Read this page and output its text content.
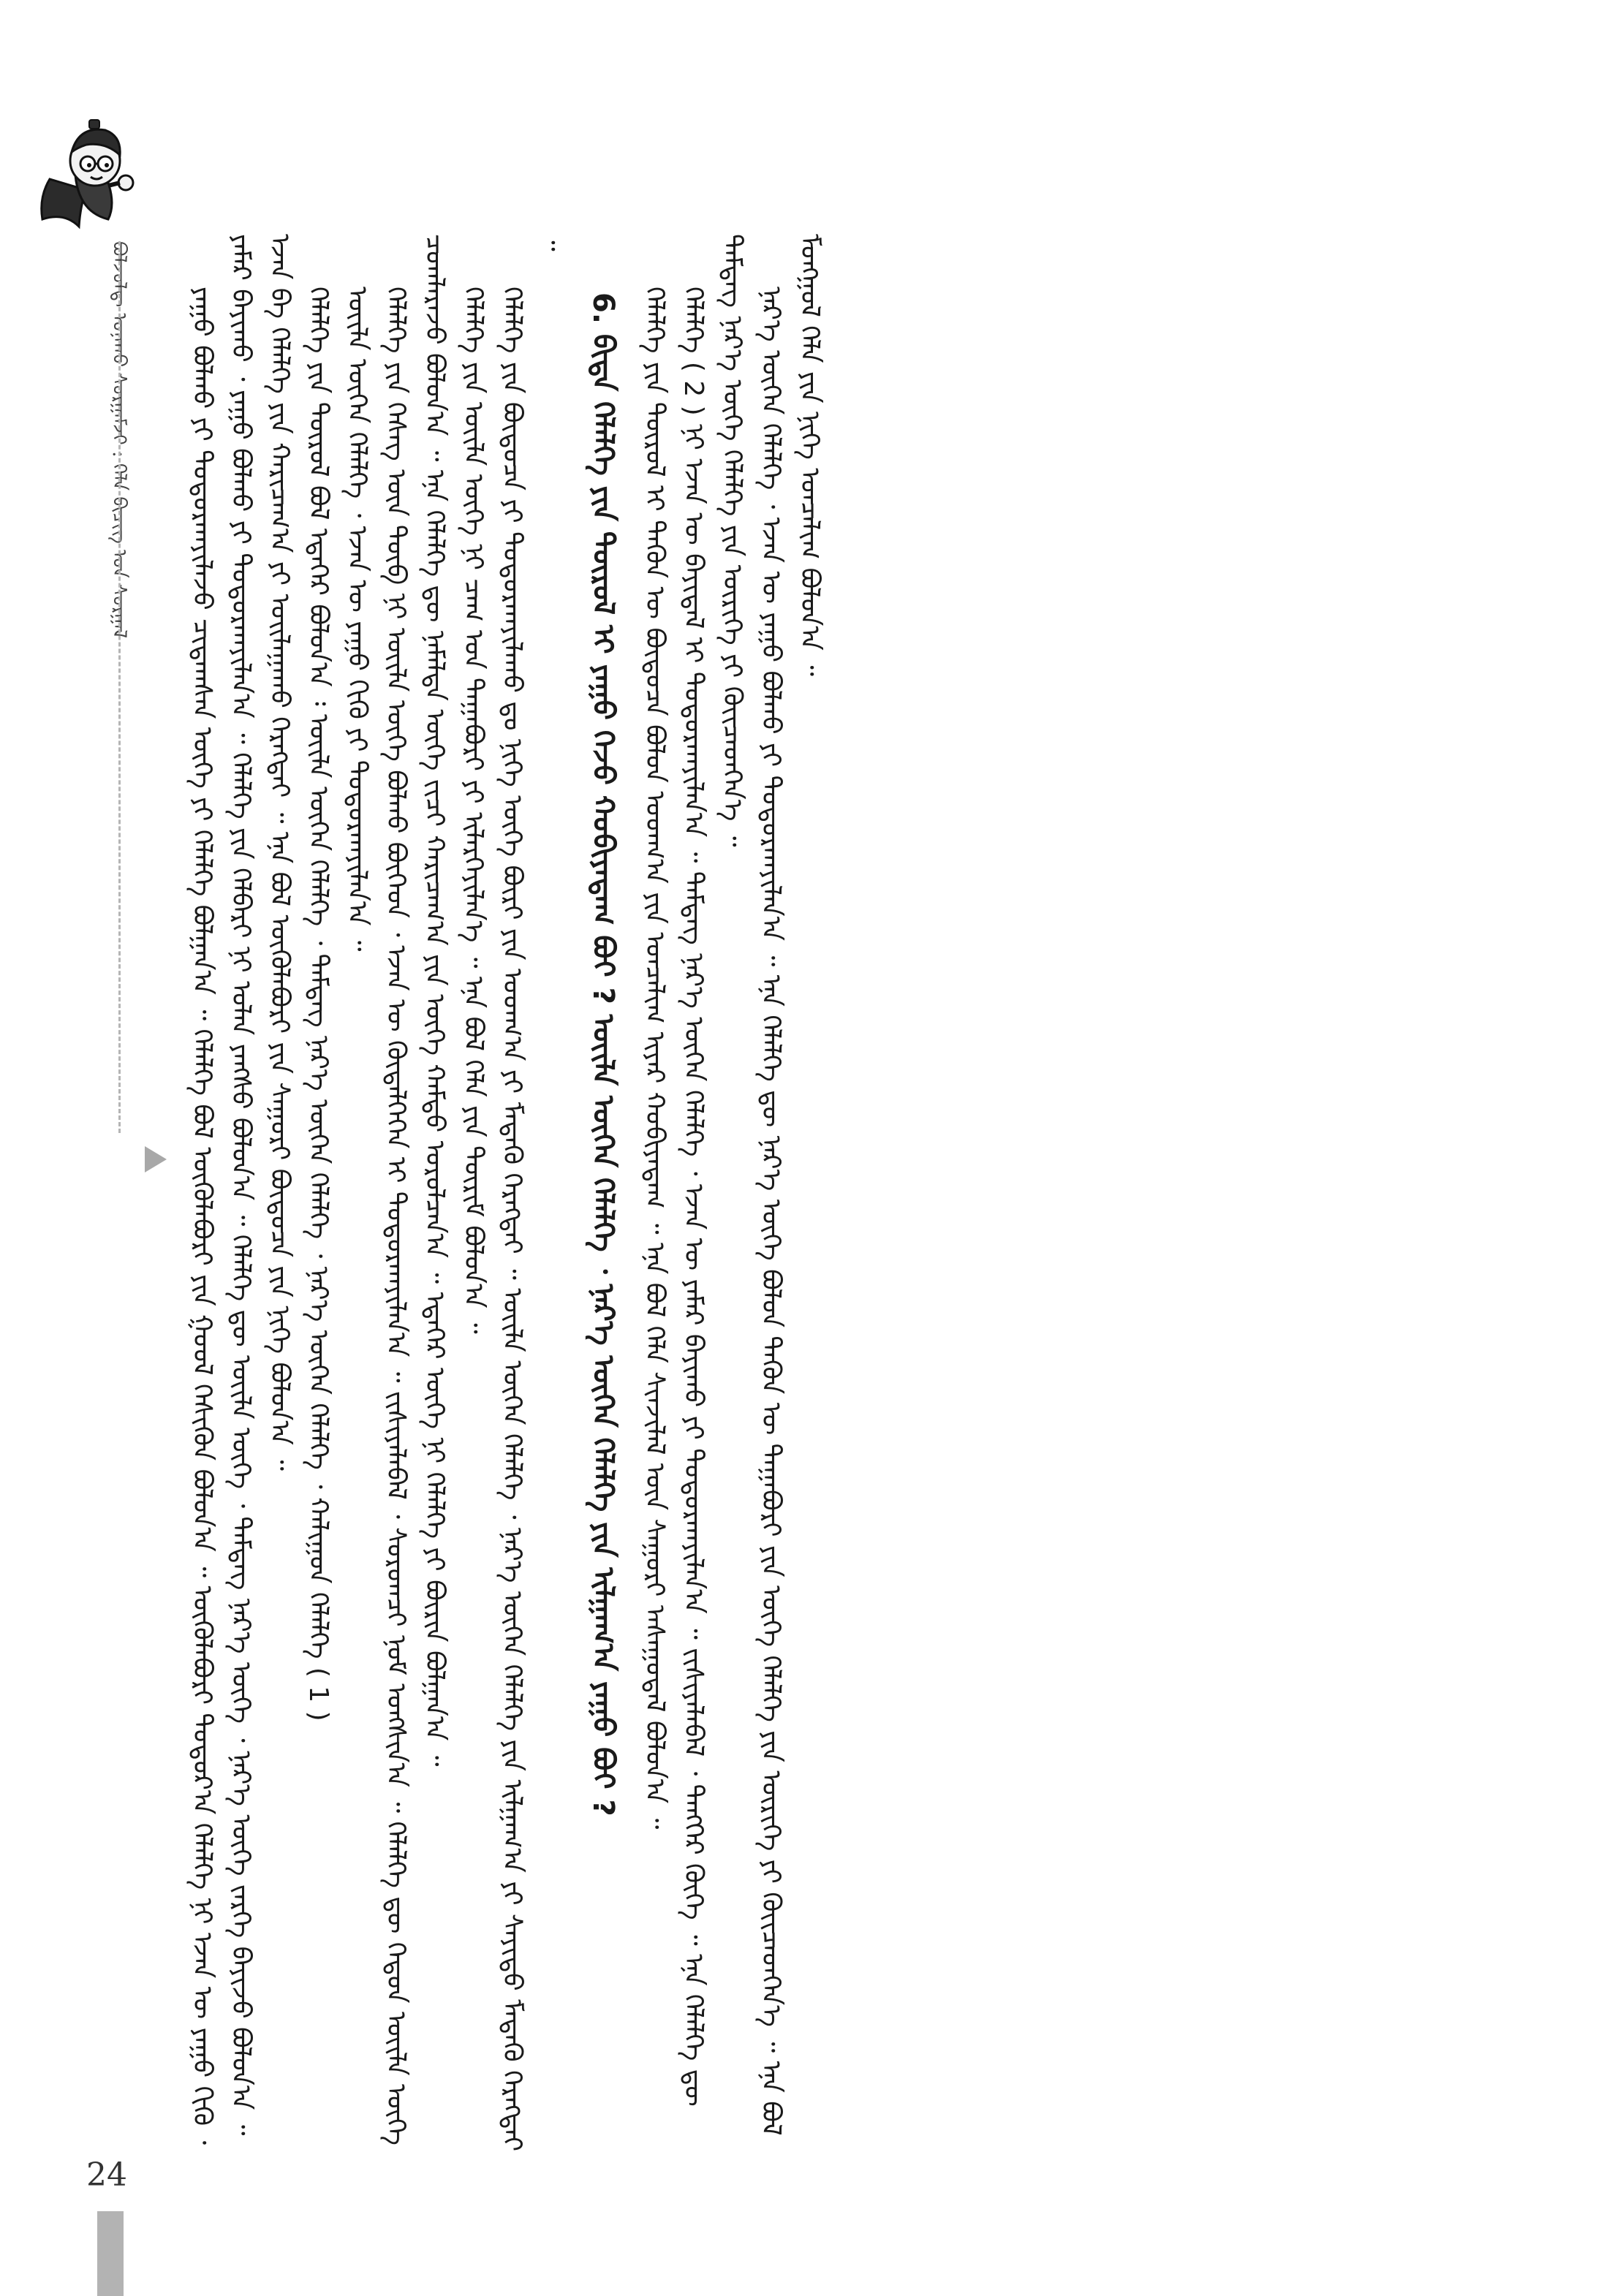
ᠪᠣᠯᠵᠣᠯᠳ᠋ ᠤᠨᠠᠬᠤ ᠰᠤᠷᠭᠠᠮᠵᠢ : ᠬᠡᠯᠡ ᠪᠢᠴᠢᠭ ᠤᠨ ᠰᠤᠷᠭᠠᠯ ᠶᠠᠭᠤ ᠪᠣᠯᠬᠤ ᠶᠢ ᠲᠣᠳᠣᠷᠬᠠᠶᠢᠯᠠᠵᠤ ᠴᠢᠳᠠᠭᠰᠠᠨ ᠦᠭᠡ ᠶᠢ ᠬᠡᠯᠡᠯᠭᠡ ᠪᠣᠯᠭᠠᠨ᠎ᠠ ᠃ ᠬᠡᠯᠡᠯᠭᠡ ᠪᠣᠯ ᠥᠭᠦᠯᠡᠪᠦᠷᠢ ᠶᠢᠨ ᠭᠣᠣᠯ ᠭᠡᠰᠢᠭᠦᠨ ᠪᠣᠯᠤᠨ᠎ᠠ ᠃ ᠥᠭᠦᠯᠡᠪᠦᠷᠢ ᠳᠣᠲᠣᠷ᠎ᠠ ᠬᠡᠯᠡᠯᠭᠡ ᠨᠢ ᠡᠵᠡᠨ ᠦ ᠶᠠᠭᠤ ᠬᠢᠬᠦ ᠂ ᠶᠠᠮᠠᠷ ᠪᠠᠶᠢᠬᠤ ᠂ ᠶᠠᠭᠤ ᠪᠣᠯᠬᠤ ᠶᠢ ᠲᠣᠳᠣᠷᠬᠠᠶᠢᠯᠠᠨ᠎ᠠ ᠃ ᠬᠡᠯᠡᠯᠭᠡ ᠶᠢᠨ ᠬᠡᠯᠪᠡᠷᠢ ᠨᠢ ᠣᠯᠠᠨ ᠶᠠᠩᠰᠤ ᠪᠣᠯᠤᠨ᠎ᠠ ᠃ ᠬᠡᠯᠡᠯᠭᠡ ᠳᠦ ᠦᠢᠯᠡ ᠦᠭᠡ ᠂ ᠲᠡᠮᠳᠡᠭ ᠨᠡᠷ᠎ᠡ ᠦᠭᠡ ᠂ ᠨᠡᠷ᠎ᠡ ᠦᠭᠡ ᠵᠡᠷᠭᠡ ᠪᠠᠶᠢᠵᠤ ᠪᠣᠯᠤᠨ᠎ᠠ ᠃ ᠡᠵᠡᠨ ᠪᠠ ᠬᠡᠯᠡᠯᠭᠡ ᠶᠢᠨ ᠬᠠᠷᠢᠴᠠᠭ᠎ᠠ ᠶᠢ ᠣᠢᠯᠠᠭᠠᠬᠤ ᠬᠡᠷᠡᠭᠲᠡᠢ ᠃ ᠡᠨᠡ ᠪᠣᠯ ᠥᠭᠦᠯᠡᠪᠦᠷᠢ ᠶᠢᠨ ᠰᠠᠭᠤᠷᠢ ᠪᠦᠲᠦᠴᠡ ᠶᠢᠨ ᠨᠢᠭᠡ ᠪᠣᠯᠤᠨ᠎ᠠ ᠃ ᠬᠡᠯᠡᠯᠭᠡ ᠶᠢᠨ ᠲᠥᠷᠥᠯ ᠪᠣᠯ ᠡᠳᠡᠭᠡᠷ ᠪᠣᠯᠤᠨ᠎ᠠ ᠄ ᠦᠢᠯᠡ ᠦᠭᠡᠨ ᠬᠡᠯᠡᠯᠭᠡ ᠂ ᠲᠡᠮᠳᠡᠭ ᠨᠡᠷ᠎ᠡ ᠦᠭᠡᠨ ᠬᠡᠯᠡᠯᠭᠡ ᠂ ᠨᠡᠷ᠎ᠡ ᠦᠭᠡᠨ ᠬᠡᠯᠡᠯᠭᠡ ᠂ ᠬᠠᠯᠢᠭᠤᠨ ᠬᠡᠯᠡᠯᠭᠡ ( 1 ) ᠦᠢᠯᠡ ᠦᠭᠡᠨ ᠬᠡᠯᠡᠯᠭᠡ ᠂ ᠡᠵᠡᠨ ᠦ ᠶᠠᠭᠤ ᠬᠢᠬᠦ ᠶᠢ ᠲᠣᠳᠣᠷᠬᠠᠶᠢᠯᠠᠨ᠎ᠠ ᠃ ᠬᠡᠯᠡᠯᠭᠡ ᠶᠢᠨ ᠬᠡᠰᠡᠭ ᠦᠨ ᠲᠥᠪ ᠨᠢ ᠦᠢᠯᠡ ᠦᠭᠡ ᠪᠣᠯᠬᠤ ᠪᠥᠭᠡᠳ ᠂ ᠡᠵᠡᠨ ᠦ ᠬᠥᠳᠡᠯᠭᠡᠭᠡᠨ ᠢ ᠲᠣᠳᠣᠷᠬᠠᠶᠢᠯᠠᠨ᠎ᠠ ᠃ ᠵᠢᠱᠢᠶᠡᠯᠡᠪᠡᠯ ᠂ ᠰᠤᠷᠤᠭᠴᠢ ᠨᠣᠮ ᠤᠩᠰᠢᠨ᠎ᠠ ᠃ ᠬᠡᠯᠡᠯᠭᠡ ᠳᠦ ᠬᠡᠳᠦᠨ ᠦᠢᠯᠡ ᠦᠭᠡ ᠴᠤᠭᠯᠠᠷᠠᠵᠤ ᠪᠣᠯᠤᠨ᠎ᠠ ᠃ ᠡᠨᠡ ᠬᠡᠯᠡᠯᠭᠡ ᠳᠦ ᠨᠡᠮᠡᠯᠲᠡ ᠦᠭᠡ ᠵᠢᠴᠢ ᠬᠠᠷᠢᠴᠠᠭ᠎ᠠ ᠶᠢᠨ ᠦᠭᠡ ᠬᠠᠮᠲᠤ ᠣᠷᠣᠯᠴᠠᠨ᠎ᠠ ᠃ ᠡᠳᠡᠭᠡᠷ ᠦᠭᠡ ᠨᠢ ᠬᠡᠯᠡᠯᠭᠡ ᠶᠢ ᠪᠦᠷᠢᠨ ᠪᠣᠯᠭᠠᠨ᠎ᠠ ᠃ ᠬᠡᠯᠡᠯᠭᠡ ᠶᠢᠨ ᠦᠢᠯᠡ ᠦᠭᠡ ᠨᠢ ᠴᠠᠭ ᠤᠨ ᠳᠠᠭᠠᠪᠤᠷᠢ ᠶᠢ ᠢᠯᠡᠷᠬᠡᠶᠢᠯᠡᠨ᠎ᠡ ᠃ ᠡᠨᠡ ᠪᠣᠯ ᠬᠡᠯᠡ ᠶᠢᠨ ᠳᠦᠷᠢᠮ ᠪᠣᠯᠤᠨ᠎ᠠ ᠃ ᠬᠡᠯᠡᠯᠭᠡ ᠶᠢᠨ ᠪᠦᠲᠦᠴᠡ ᠶᠢ ᠲᠣᠳᠣᠷᠬᠠᠶᠢᠯᠠᠬᠤ ᠳᠤ ᠨᠢᠭᠡ ᠦᠭᠡ ᠪᠦᠷᠢ ᠶᠢᠨ ᠤᠳᠬ᠎ᠠ ᠶᠢ ᠮᠡᠳᠡᠬᠦ ᠬᠡᠷᠡᠭᠲᠡᠢ ᠃ ᠦᠢᠯᠡ ᠦᠭᠡᠨ ᠬᠡᠯᠡᠯᠭᠡ ᠂ ᠨᠡᠷ᠎ᠡ ᠦᠭᠡᠨ ᠬᠡᠯᠡᠯᠭᠡ ᠶᠢᠨ ᠢᠯᠭᠠᠭ᠎ᠠ ᠶᠢ ᠰᠠᠶᠢᠲᠤ ᠮᠡᠳᠡᠬᠦ ᠬᠡᠷᠡᠭᠲᠡᠢ ᠃

6. ᠪᠢᠳᠡ ᠬᠡᠯᠡᠯᠭᠡ ᠶᠢᠨ ᠲᠥᠷᠥᠯ ᠢ ᠶᠠᠭᠤ ᠭᠡᠵᠦ ᠬᠤᠪᠢᠶᠠᠳᠠᠭ ᠪᠤᠢ ? ᠦᠢᠯᠡ ᠦᠭᠡᠨ ᠬᠡᠯᠡᠯᠭᠡ ᠂ ᠨᠡᠷ᠎ᠡ ᠦᠭᠡᠨ ᠬᠡᠯᠡᠯᠭᠡ ᠶᠢᠨ ᠢᠯᠭᠠᠭ᠎ᠠ ᠶᠠᠭᠤ ᠪᠤᠢ ? ᠬᠡᠯᠡᠯᠭᠡ ᠶᠢᠨ ᠲᠥᠷᠥᠯ ᠢ ᠲᠡᠭᠦᠨ ᠦ ᠪᠦᠲᠦᠴᠡ ᠪᠣᠯᠤᠨ ᠤᠳᠬ᠎ᠠ ᠶᠢᠨ ᠣᠨᠴᠠᠯᠢᠭ ᠢᠶᠠᠷ ᠬᠤᠪᠢᠶᠠᠳᠠᠭ ᠃ ᠡᠨᠡ ᠪᠣᠯ ᠬᠡᠯᠡ ᠰᠢᠨᠵᠢᠯᠡᠯ ᠦᠨ ᠰᠠᠭᠤᠷᠢ ᠠᠰᠠᠭᠤᠳᠠᠯ ᠪᠣᠯᠤᠨ᠎ᠠ ᠃ ᠬᠡᠯᠡᠯᠭᠡ ( 2 ) ᠨᠢ ᠡᠵᠡᠨ ᠦ ᠪᠠᠶᠢᠳᠠᠯ ᠢ ᠲᠣᠳᠣᠷᠬᠠᠶᠢᠯᠠᠨ᠎ᠠ ᠃ ᠲᠡᠮᠳᠡᠭ ᠨᠡᠷ᠎ᠡ ᠦᠭᠡᠨ ᠬᠡᠯᠡᠯᠭᠡ ᠂ ᠡᠵᠡᠨ ᠦ ᠶᠠᠮᠠᠷ ᠪᠠᠶᠢᠬᠤ ᠶᠢ ᠲᠣᠳᠣᠷᠬᠠᠶᠢᠯᠠᠨ᠎ᠠ ᠃ ᠵᠢᠱᠢᠶᠡᠯᠡᠪᠡᠯ ᠂ ᠲᠡᠩᠭᠡᠷ ᠬᠥᠬᠡ ᠃ ᠡᠨᠡ ᠬᠡᠯᠡᠯᠭᠡ ᠳᠦ ᠲᠡᠮᠳᠡᠭ ᠨᠡᠷ᠎ᠡ ᠦᠭᠡ ᠬᠡᠯᠡᠯᠭᠡ ᠶᠢᠨ ᠦᠷᠢᠭᠡ ᠶᠢ ᠭᠦᠢᠴᠡᠳᠬᠡᠨ᠎ᠡ ᠃ ᠨᠡᠷ᠎ᠡ ᠦᠭᠡᠨ ᠬᠡᠯᠡᠯᠭᠡ ᠂ ᠡᠵᠡᠨ ᠦ ᠶᠠᠭᠤ ᠪᠣᠯᠬᠤ ᠶᠢ ᠲᠣᠳᠣᠷᠬᠠᠶᠢᠯᠠᠨ᠎ᠠ ᠃ ᠡᠨᠡ ᠬᠡᠯᠡᠯᠭᠡ ᠳᠦ ᠨᠡᠷ᠎ᠡ ᠦᠭᠡ ᠪᠣᠯᠤᠨ ᠲᠡᠭᠦᠨ ᠦ ᠳᠠᠭᠠᠪᠤᠷᠢ ᠶᠢᠨ ᠦᠭᠡ ᠬᠡᠯᠡᠯᠭᠡ ᠶᠢᠨ ᠦᠷᠢᠭᠡ ᠶᠢ ᠭᠦᠢᠴᠡᠳᠬᠡᠨ᠎ᠡ ᠃ ᠡᠨᠡ ᠪᠣᠯ ᠮᠣᠩᠭᠣᠯ ᠬᠡᠯᠡ ᠶᠢᠨ ᠨᠢᠭᠡ ᠣᠨᠴᠠᠯᠢᠭ ᠪᠣᠯᠤᠨ᠎ᠠ ᠃

24
